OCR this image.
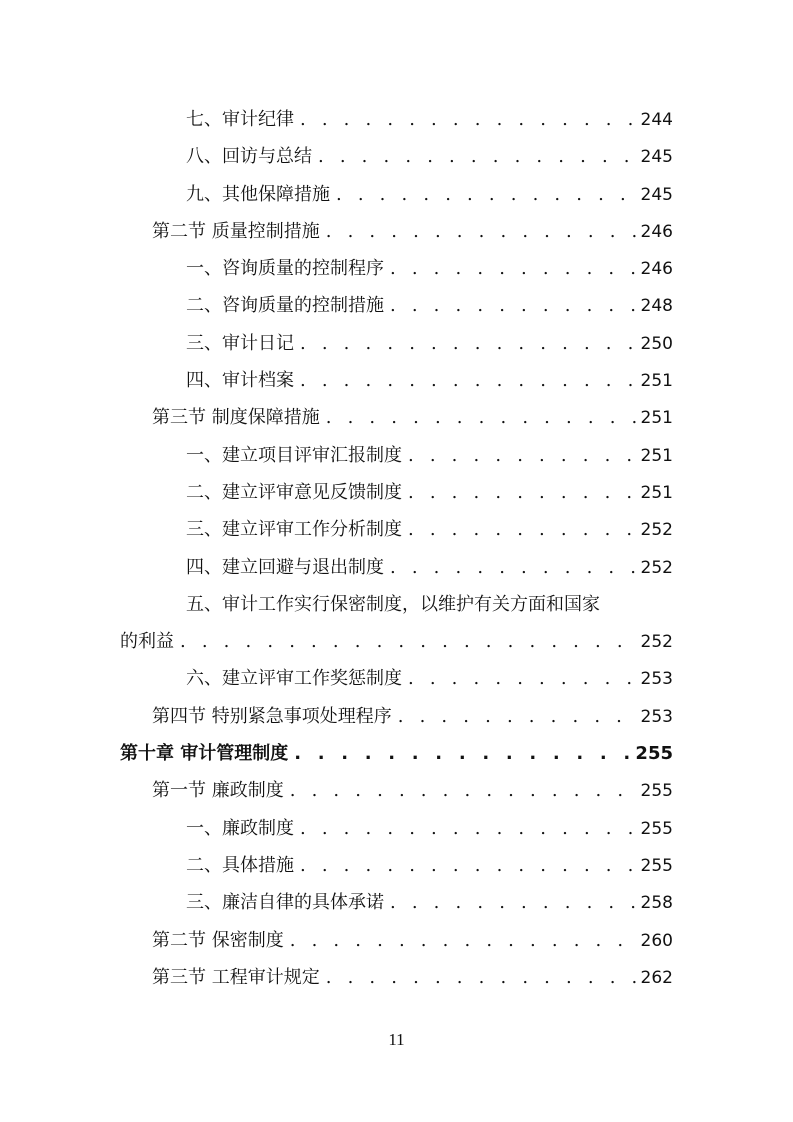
七、审计纪律 . . .	244
八、回访与总结 . . .	245
九、其他保障措施 . . .	245
第二节 质量控制措施 . . .	246
一、咨询质量的控制程序 . . .	246
二、咨询质量的控制措施 . . .	248
三、审计日记 . . .	250
四、审计档案 . . .	251
第三节 制度保障措施 . . .	251
一、建立项目评审汇报制度 . . .	251
二、建立评审意见反馈制度 . . .	251
三、建立评审工作分析制度 . . .	252
四、建立回避与退出制度 . . .	252
五、审计工作实行保密制度，以维护有关方面和国家
的利益 . . .	252
六、建立评审工作奖惩制度 . . .	253
第四节 特别紧急事项处理程序 . . .	253
第十章 审计管理制度 . . .	255
第一节 廉政制度 . . .	255
一、廉政制度 . . .	255
二、具体措施 . . .	255
三、廉洁自律的具体承诺 . . .	258
第二节 保密制度 . . .	260
第三节 工程审计规定 . . .	262
11
